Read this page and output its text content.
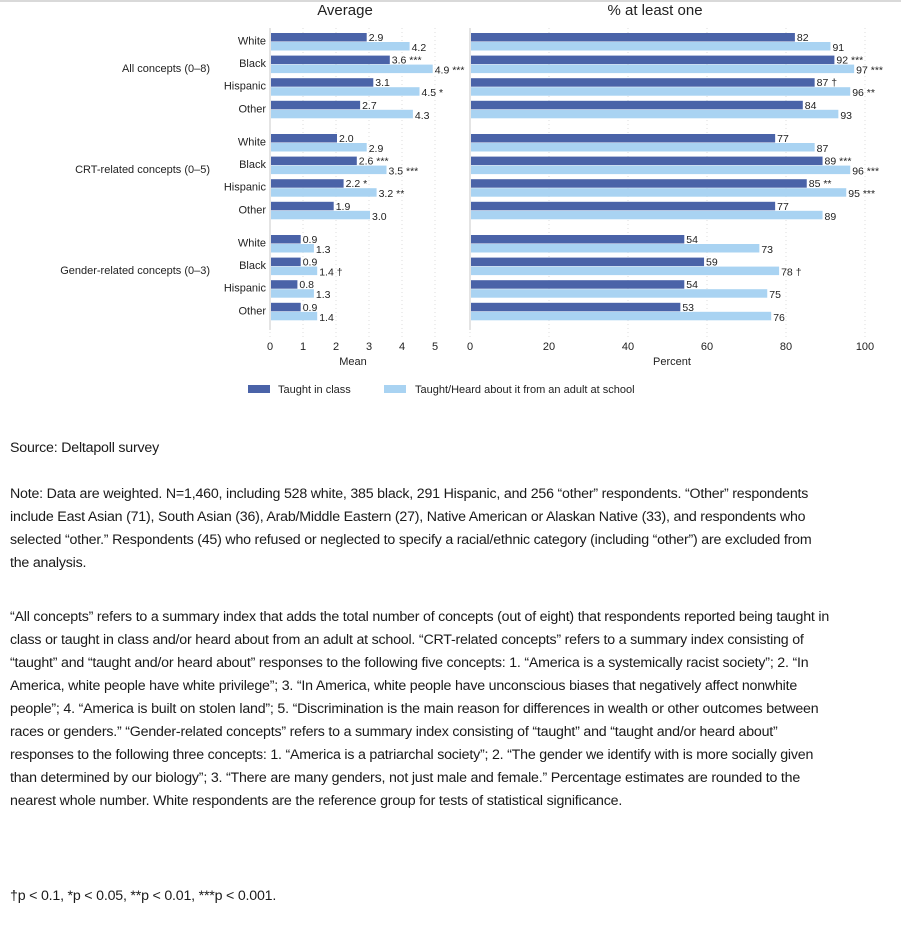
0 1 2 3 4 5
Average
Mean
0	20	40	60	80	100
% at least one
Percent
All concepts (0–8)
White	2.9
4.2
82
91
Black	3.6 ***
4.9 ***
92 ***
97 ***
Hispanic	3.1
4.5 *
87 †
96 **
Other	2.7
4.3
84
93
CRT-related concepts (0–5)
White	2.0
2.9
77
87
Black	2.6 ***
3.5 ***
89 ***
96 ***
Hispanic	2.2 *
3.2 **
85 **
95 ***
Other	1.9
3.0
77
89
Gender-related concepts (0–3)
White	0.9
1.3
54
73
Black	0.9
1.4 †
59
78 †
Hispanic	0.8
1.3
54
75
Other	0.9
1.4
53
76
Taught in class	Taught/Heard about it from an adult at school

Source: Deltapoll survey

Note: Data are weighted. N=1,460, including 528 white, 385 black, 291 Hispanic, and 256 “other” respondents. “Other” respondents include East Asian (71), South Asian (36), Arab/Middle Eastern (27), Native American or Alaskan Native (33), and respondents who selected “other.” Respondents (45) who refused or neglected to specify a racial/ethnic category (including “other”) are excluded from the analysis.

“All concepts” refers to a summary index that adds the total number of concepts (out of eight) that respondents reported being taught in class or taught in class and/or heard about from an adult at school. “CRT-related concepts” refers to a summary index consisting of “taught” and “taught and/or heard about” responses to the following five concepts: 1. “America is a systemically racist society”; 2. “In America, white people have white privilege”; 3. “In America, white people have unconscious biases that negatively affect nonwhite people”; 4. “America is built on stolen land”; 5. “Discrimination is the main reason for differences in wealth or other outcomes between races or genders.” “Gender-related concepts” refers to a summary index consisting of “taught” and “taught and/or heard about” responses to the following three concepts: 1. “America is a patriarchal society”; 2. “The gender we identify with is more socially given than determined by our biology”; 3. “There are many genders, not just male and female.” Percentage estimates are rounded to the nearest whole number. White respondents are the reference group for tests of statistical significance.

†p < 0.1, *p < 0.05, **p < 0.01, ***p < 0.001.
